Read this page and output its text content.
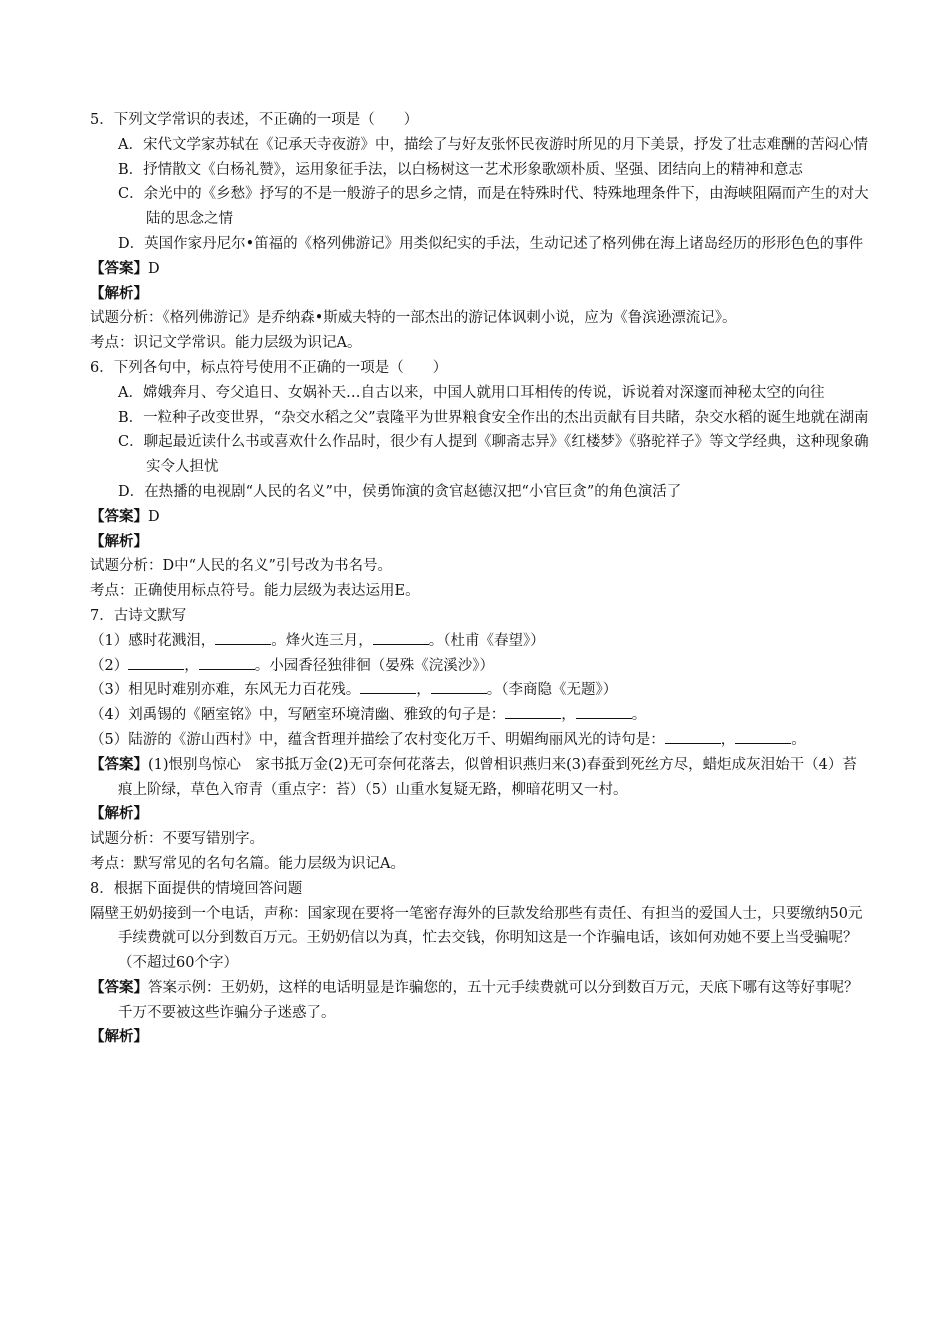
5．下列文学常识的表述，不正确的一项是（　　）
A．宋代文学家苏轼在《记承天寺夜游》中，描绘了与好友张怀民夜游时所见的月下美景，抒发了壮志难酬的苦闷心情
B．抒情散文《白杨礼赞》，运用象征手法，以白杨树这一艺术形象歌颂朴质、坚强、团结向上的精神和意志
C．余光中的《乡愁》抒写的不是一般游子的思乡之情，而是在特殊时代、特殊地理条件下，由海峡阻隔而产生的对大陆的思念之情
D．英国作家丹尼尔•笛福的《格列佛游记》用类似纪实的手法，生动记述了格列佛在海上诸岛经历的形形色色的事件
【答案】D
【解析】
试题分析：《格列佛游记》是乔纳森•斯威夫特的一部杰出的游记体讽刺小说，应为《鲁滨逊漂流记》。
考点：识记文学常识。能力层级为识记A。
6．下列各句中，标点符号使用不正确的一项是（　　）
A．嫦娥奔月、夸父追日、女娲补天…自古以来，中国人就用口耳相传的传说，诉说着对深邃而神秘太空的向往
B．一粒种子改变世界，“杂交水稻之父”袁隆平为世界粮食安全作出的杰出贡献有目共睹，杂交水稻的诞生地就在湖南
C．聊起最近读什么书或喜欢什么作品时，很少有人提到《聊斋志异》《红楼梦》《骆驼祥子》等文学经典，这种现象确实令人担忧
D．在热播的电视剧“人民的名义”中，侯勇饰演的贪官赵德汉把“小官巨贪”的角色演活了
【答案】D
【解析】
试题分析：D中“人民的名义”引号改为书名号。
考点：正确使用标点符号。能力层级为表达运用E。
7．古诗文默写
（1）感时花溅泪，	。烽火连三月，	。（杜甫《春望》）
（2）	，	。小园香径独徘徊（晏殊《浣溪沙》）
（3）相见时难别亦难，东风无力百花残。	，	。（李商隐《无题》）
（4）刘禹锡的《陋室铭》中，写陋室环境清幽、雅致的句子是：	，	。
（5）陆游的《游山西村》中，蕴含哲理并描绘了农村变化万千、明媚绚丽风光的诗句是：	，	。
【答案】(1)恨别鸟惊心　家书抵万金(2)无可奈何花落去，似曾相识燕归来(3)春蚕到死丝方尽，蜡炬成灰泪始干（4）苔痕上阶绿，草色入帘青（重点字：苔）（5）山重水复疑无路，柳暗花明又一村。
【解析】
试题分析：不要写错别字。
考点：默写常见的名句名篇。能力层级为识记A。
8．根据下面提供的情境回答问题
隔壁王奶奶接到一个电话，声称：国家现在要将一笔密存海外的巨款发给那些有责任、有担当的爱国人士，只要缴纳50元手续费就可以分到数百万元。王奶奶信以为真，忙去交钱，你明知这是一个诈骗电话，该如何劝她不要上当受骗呢？（不超过60个字）
【答案】答案示例：王奶奶，这样的电话明显是诈骗您的，五十元手续费就可以分到数百万元，天底下哪有这等好事呢？千万不要被这些诈骗分子迷惑了。
【解析】
